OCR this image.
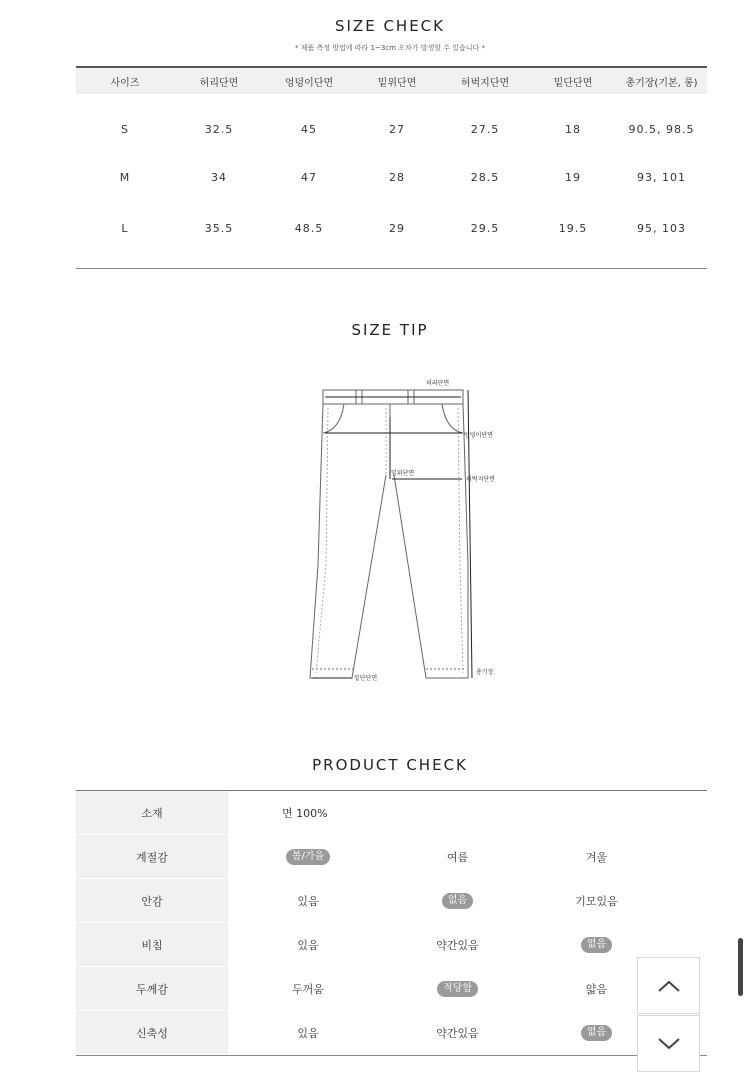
SIZE CHECK
* 제품 측정 방법에 따라 1~3cm 오차가 발생할 수 있습니다 *
사이즈	허리단면	엉덩이단면	밑위단면	허벅지단면	밑단단면	총기장(기본, 롱)
S	32.5	45	27	27.5	18	90.5, 98.5
M	34	47	28	28.5	19	93, 101
L	35.5	48.5	29	29.5	19.5	95, 103
SIZE TIP
허리단면
엉덩이단면
밑위단면
허벅지단면
밑단단면
총기장
PRODUCT CHECK
소재	면 100%
계절감	봄/가을	여름	겨울
안감	있음	없음	기모있음
비침	있음	약간있음	없음
두께감	두꺼움	적당함	얇음
신축성	있음	약간있음	없음
